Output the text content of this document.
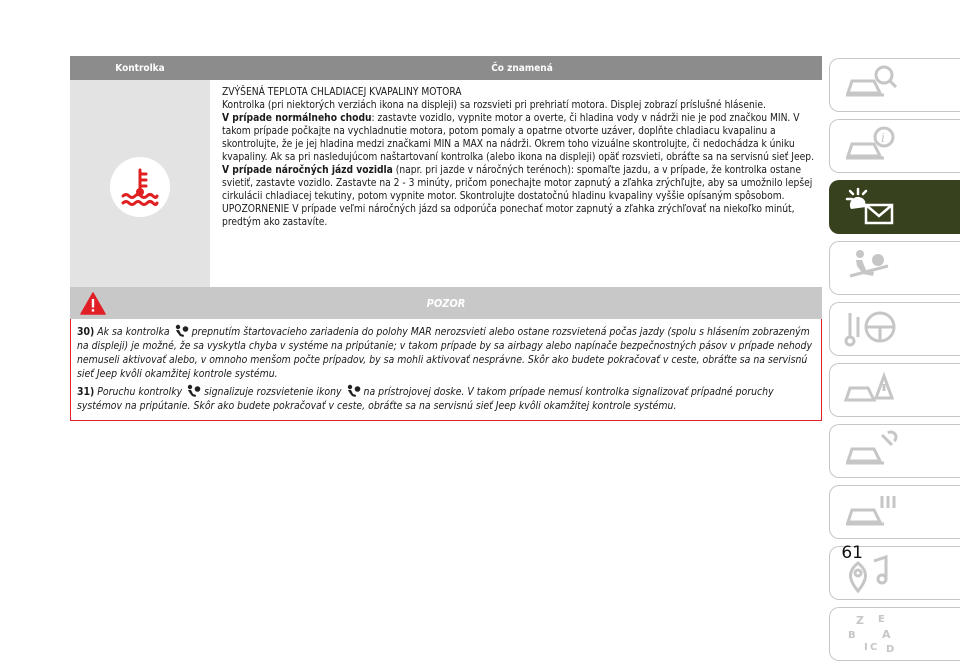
Kontrolka	Čo znamená

ZVÝŠENÁ TEPLOTA CHLADIACEJ KVAPALINY MOTORA

Kontrolka (pri niektorých verziách ikona na displeji) sa rozsvieti pri prehriatí motora. Displej zobrazí príslušné hlásenie.

V prípade normálneho chodu: zastavte vozidlo, vypnite motor a overte, či hladina vody v nádrži nie je pod značkou MIN. V takom prípade počkajte na vychladnutie motora, potom pomaly a opatrne otvorte uzáver, doplňte chladiacu kvapalinu a skontrolujte, že je jej hladina medzi značkami MIN a MAX na nádrži. Okrem toho vizuálne skontrolujte, či nedochádza k úniku kvapaliny. Ak sa pri nasledujúcom naštartovaní kontrolka (alebo ikona na displeji) opäť rozsvieti, obráťte sa na servisnú sieť Jeep.

V prípade náročných jázd vozidla (napr. pri jazde v náročných terénoch): spomaľte jazdu, a v prípade, že kontrolka ostane svietiť, zastavte vozidlo. Zastavte na 2 - 3 minúty, pričom ponechajte motor zapnutý a zľahka zrýchľujte, aby sa umožnilo lepšej cirkulácii chladiacej tekutiny, potom vypnite motor. Skontrolujte dostatočnú hladinu kvapaliny vyššie opísaným spôsobom.

UPOZORNENIE V prípade veľmi náročných jázd sa odporúča ponechať motor zapnutý a zľahka zrýchľovať na niekoľko minút, predtým ako zastavíte.

POZOR

30) Ak sa kontrolka  prepnutím štartovacieho zariadenia do polohy MAR nerozsvieti alebo ostane rozsvietená počas jazdy (spolu s hlásením zobrazeným na displeji) je možné, že sa vyskytla chyba v systéme na pripútanie; v takom prípade by sa airbagy alebo napínače bezpečnostných pásov v prípade nehody nemuseli aktivovať alebo, v omnoho menšom počte prípadov, by sa mohli aktivovať nesprávne. Skôr ako budete pokračovať v ceste, obráťte sa na servisnú sieť Jeep kvôli okamžitej kontrole systému.

31) Poruchu kontrolky  signalizuje rozsvietenie ikony  na prístrojovej doske. V takom prípade nemusí kontrolka signalizovať prípadné poruchy systémov na pripútanie. Skôr ako budete pokračovať v ceste, obráťte sa na servisnú sieť Jeep kvôli okamžitej kontrole systému.

i
Z E
B A
I C D
61
